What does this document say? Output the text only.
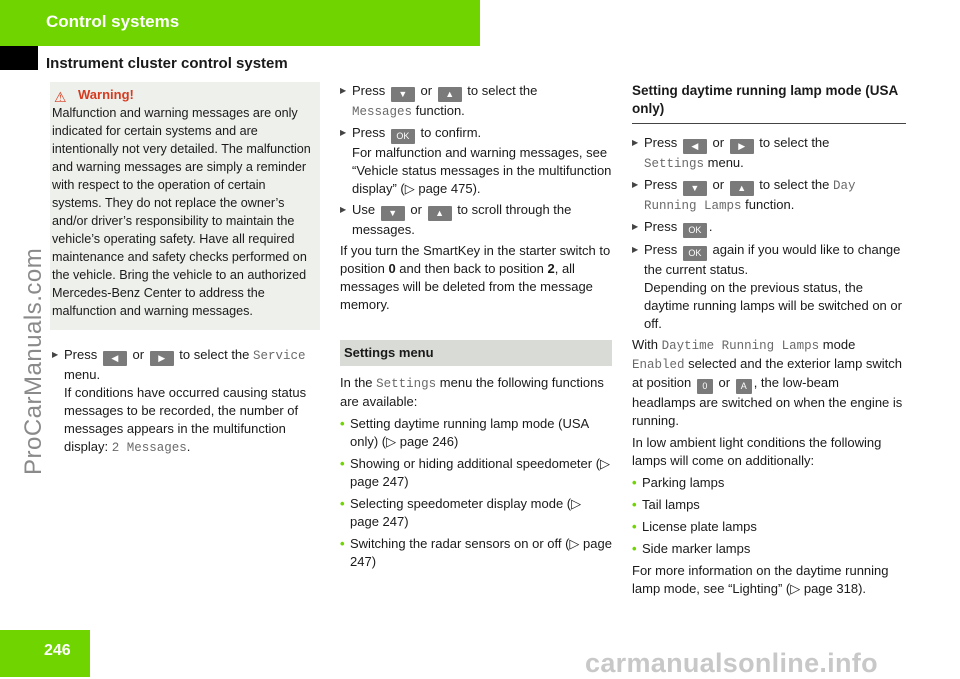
Control systems
Instrument cluster control system
ProCarManuals.com
⚠ Warning!

Malfunction and warning messages are only indicated for certain systems and are intentionally not very detailed. The malfunction and warning messages are simply a reminder with respect to the operation of certain systems. They do not replace the owner’s and/or driver’s responsibility to maintain the vehicle’s operating safety. Have all required maintenance and safety checks performed on the vehicle. Bring the vehicle to an authorized Mercedes-Benz Center to address the malfunction and warning messages.

▶ Press ◀ or ▶ to select the Service menu.
If conditions have occurred causing status messages to be recorded, the number of messages appears in the multifunction display: 2 Messages.
▶ Press ▼ or ▲ to select the
Messages function.
▶ Press OK to confirm.
For malfunction and warning messages, see “Vehicle status messages in the multifunction display” (▷ page 475).
▶ Use ▼ or ▲ to scroll through the messages.

If you turn the SmartKey in the starter switch to position 0 and then back to position 2, all messages will be deleted from the message memory.

Settings menu

In the Settings menu the following functions are available:

• Setting daytime running lamp mode (USA only) (▷ page 246)
• Showing or hiding additional speedometer (▷ page 247)
• Selecting speedometer display mode (▷ page 247)
• Switching the radar sensors on or off (▷ page 247)
Setting daytime running lamp mode (USA only)
▶ Press ◀ or ▶ to select the
Settings menu.
▶ Press ▼ or ▲ to select the Day
Running Lamps function.
▶ Press OK .
▶ Press OK again if you would like to change the current status.
Depending on the previous status, the daytime running lamps will be switched on or off.

With Daytime Running Lamps mode
Enabled selected and the exterior lamp switch at position 0 or A , the low-beam headlamps are switched on when the engine is running.

In low ambient light conditions the following lamps will come on additionally:

• Parking lamps
• Tail lamps
• License plate lamps
• Side marker lamps

For more information on the daytime running lamp mode, see “Lighting” (▷ page 318).

246	carmanualsonline.info
